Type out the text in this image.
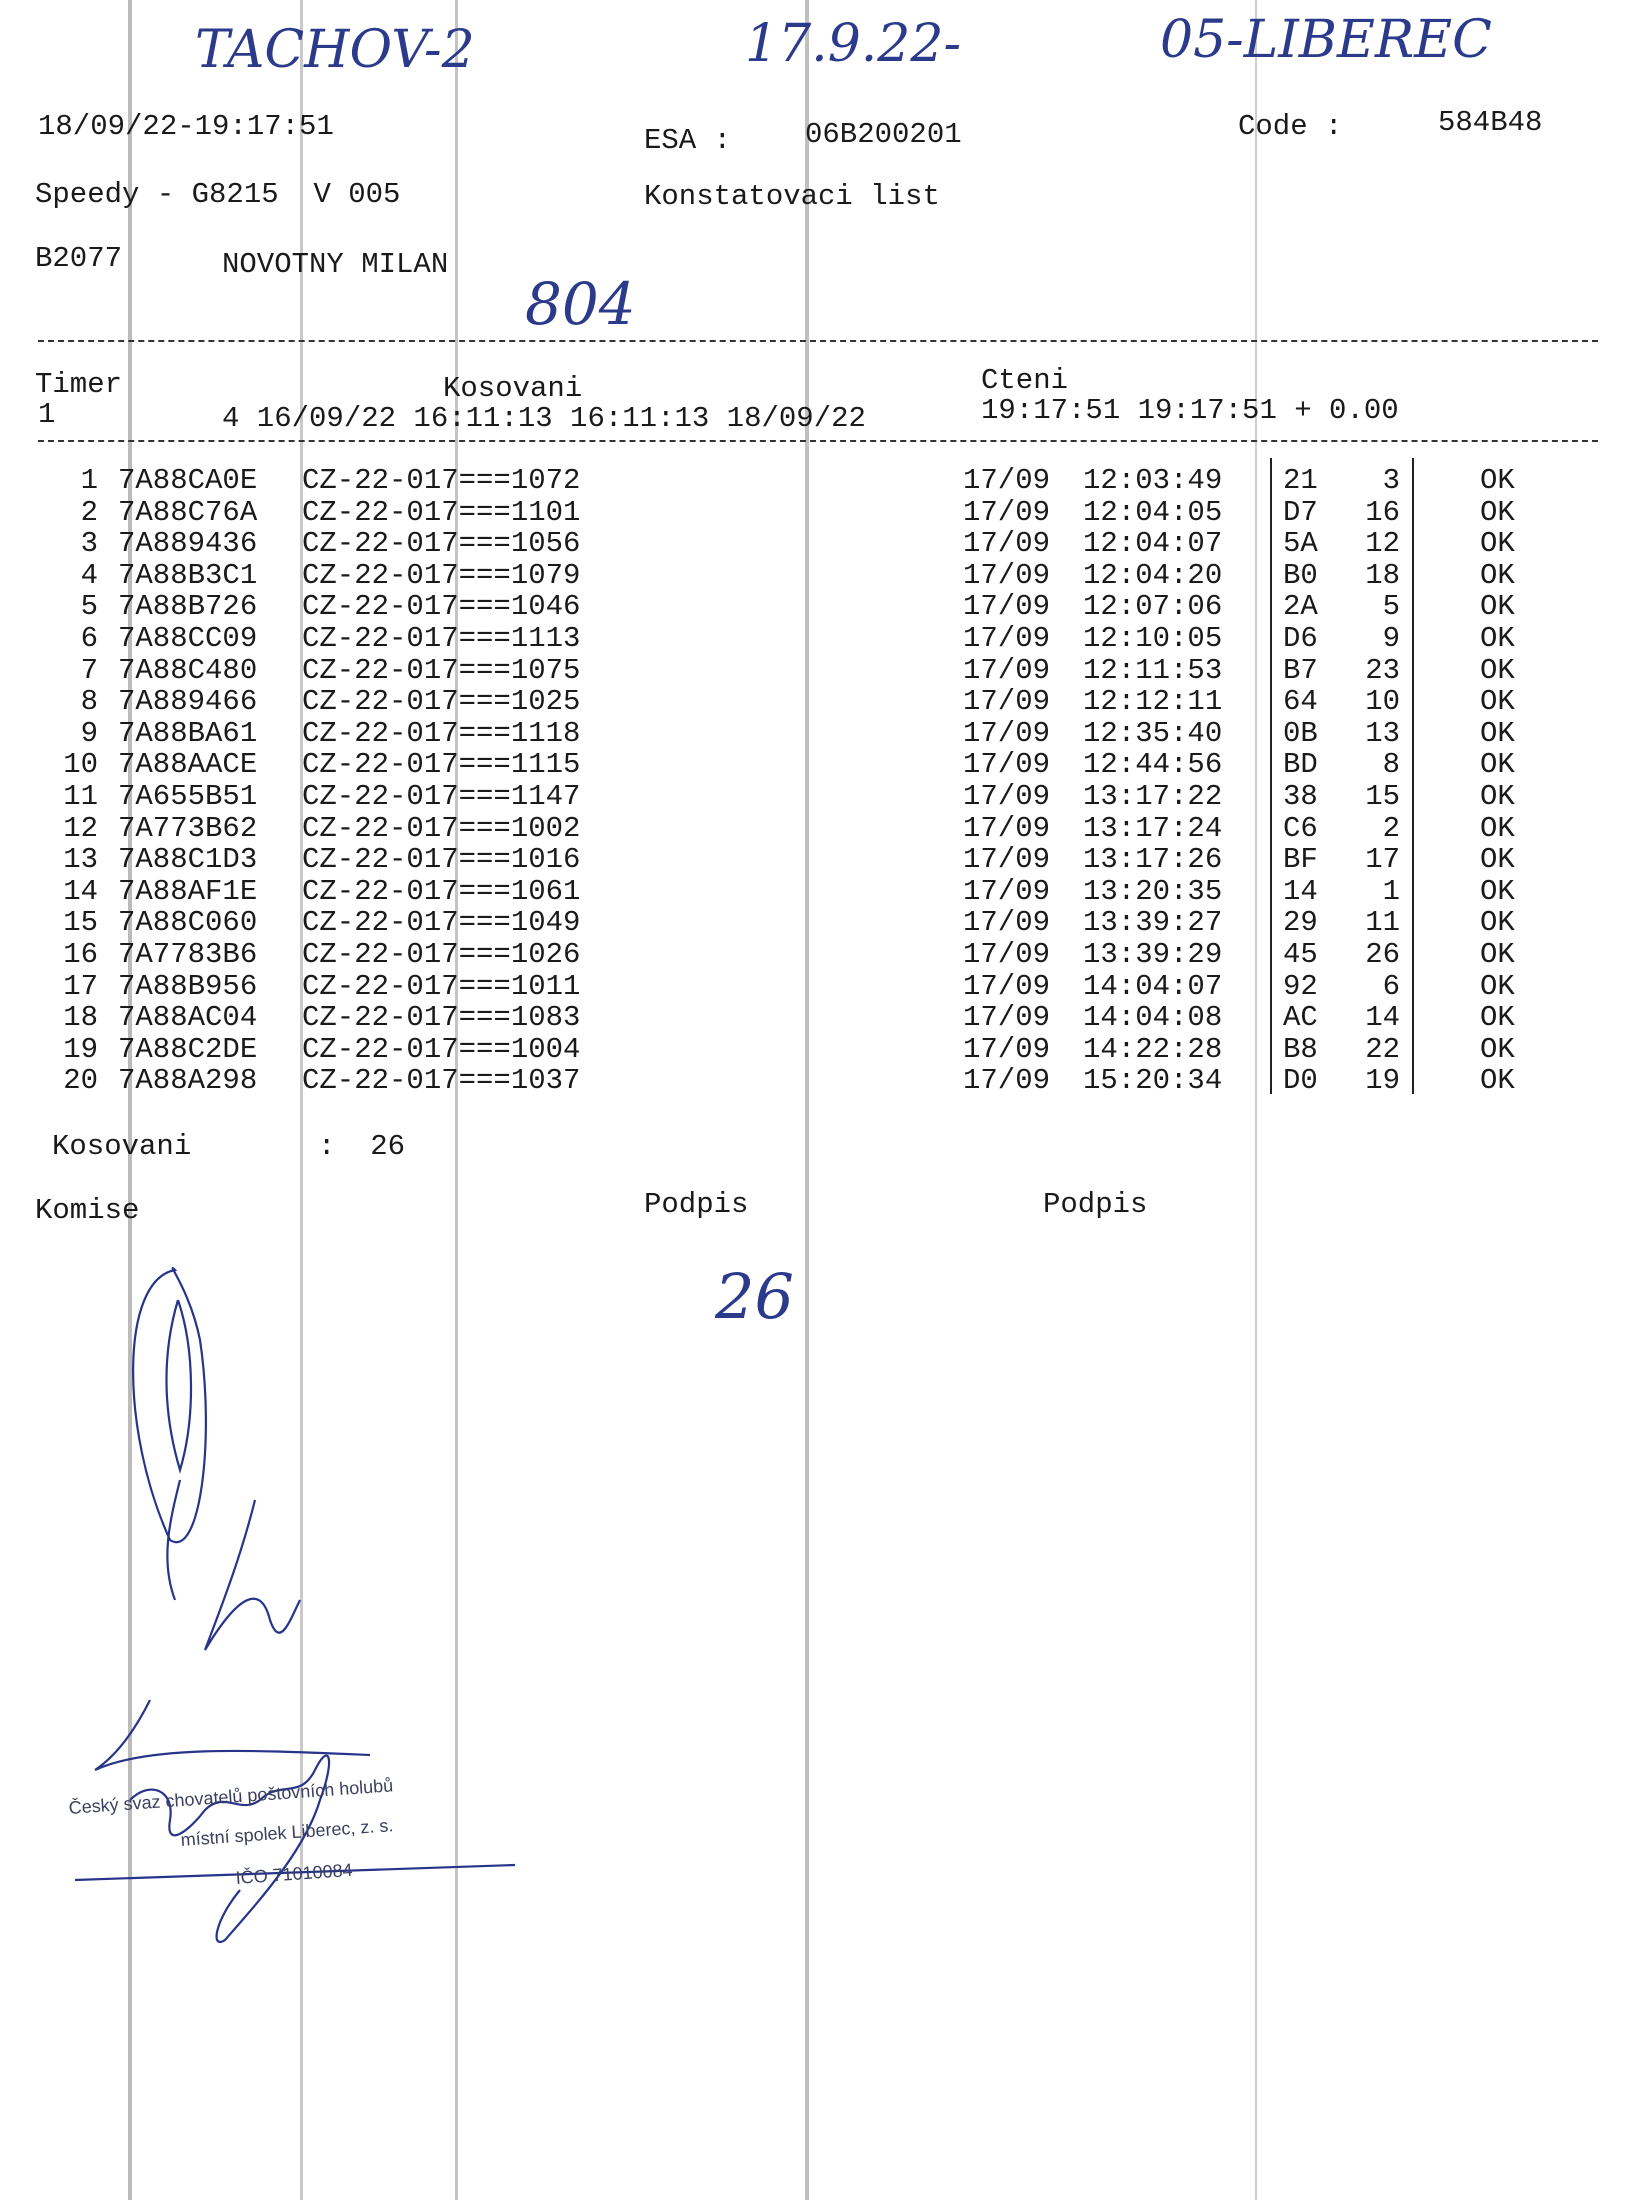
TACHOV-2	17.9.22-	05-LIBEREC
804
26
18/09/22-19:17:51	ESA :	06B200201	Code :	584B48
Speedy - G8215  V 005	Konstatovaci list
B2077	NOVOTNY MILAN
Timer
1
Kosovani
4 16/09/22 16:11:13 16:11:13 18/09/22
Cteni
19:17:51 19:17:51 + 0.00
1 7A88CA0E CZ-22-017===1072	17/09 12:03:49 21 3	OK
2 7A88C76A CZ-22-017===1101	17/09 12:04:05 D7 16	OK
3 7A889436 CZ-22-017===1056	17/09 12:04:07 5A 12	OK
4 7A88B3C1 CZ-22-017===1079	17/09 12:04:20 B0 18	OK
5 7A88B726 CZ-22-017===1046	17/09 12:07:06 2A 5	OK
6 7A88CC09 CZ-22-017===1113	17/09 12:10:05 D6 9	OK
7 7A88C480 CZ-22-017===1075	17/09 12:11:53 B7 23	OK
8 7A889466 CZ-22-017===1025	17/09 12:12:11 64 10	OK
9 7A88BA61 CZ-22-017===1118	17/09 12:35:40 0B 13	OK
10 7A88AACE CZ-22-017===1115	17/09 12:44:56 BD 8	OK
11 7A655B51 CZ-22-017===1147	17/09 13:17:22 38 15	OK
12 7A773B62 CZ-22-017===1002	17/09 13:17:24 C6 2	OK
13 7A88C1D3 CZ-22-017===1016	17/09 13:17:26 BF 17	OK
14 7A88AF1E CZ-22-017===1061	17/09 13:20:35 14 1	OK
15 7A88C060 CZ-22-017===1049	17/09 13:39:27 29 11	OK
16 7A7783B6 CZ-22-017===1026	17/09 13:39:29 45 26	OK
17 7A88B956 CZ-22-017===1011	17/09 14:04:07 92 6	OK
18 7A88AC04 CZ-22-017===1083	17/09 14:04:08 AC 14	OK
19 7A88C2DE CZ-22-017===1004	17/09 14:22:28 B8 22	OK
20 7A88A298 CZ-22-017===1037	17/09 15:20:34 D0 19	OK
Kosovani	:  26
Komise	Podpis	Podpis
Český svaz chovatelů poštovních holubů
místní spolek Liberec, z. s.
IČO 71010084
